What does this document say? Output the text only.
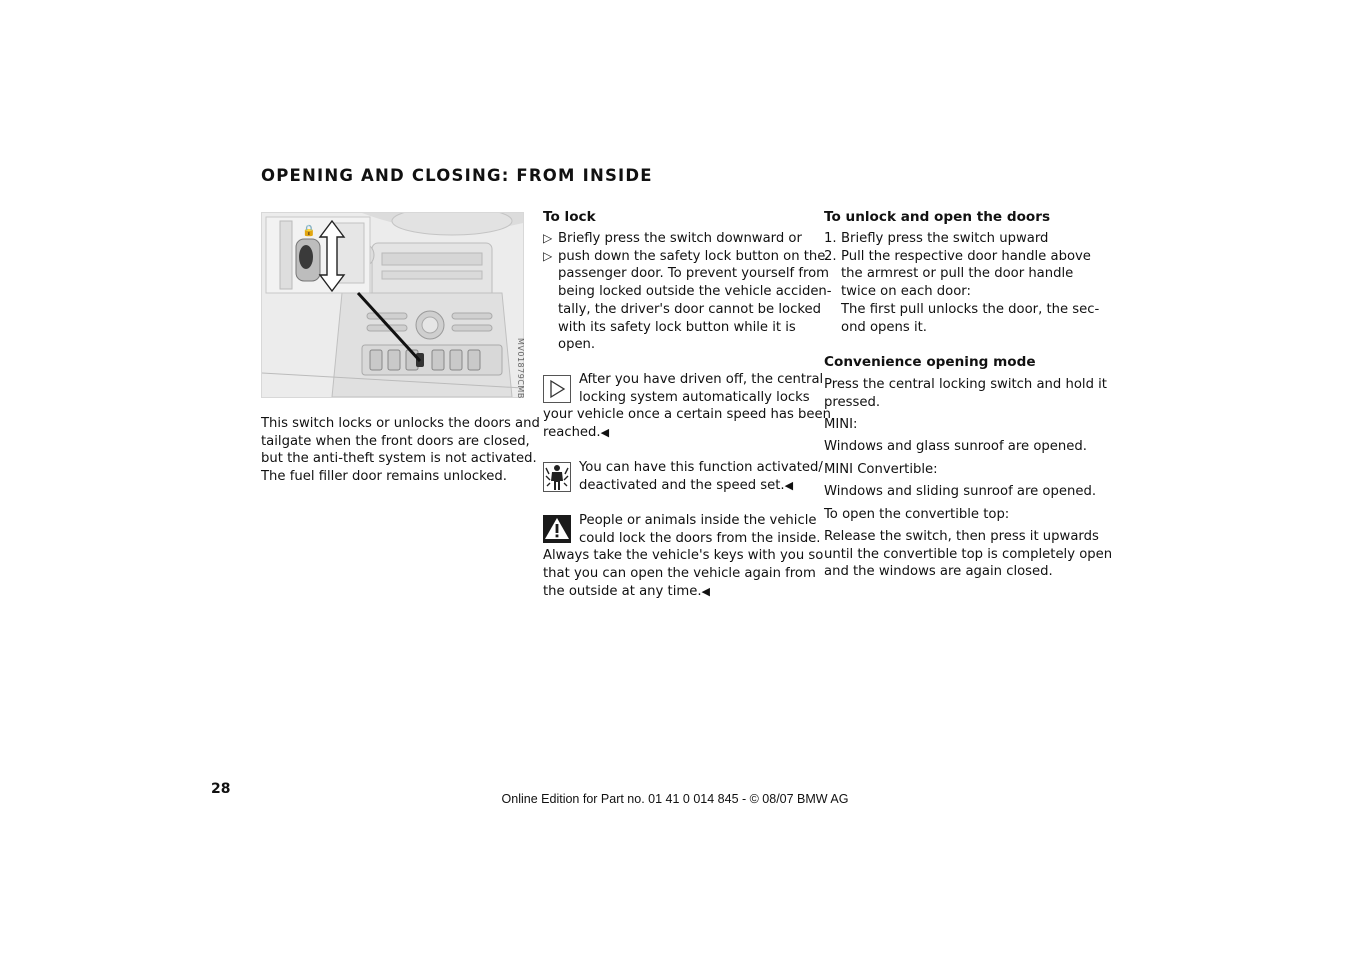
OPENING AND CLOSING: FROM INSIDE
🔒
MV01879CMB
This switch locks or unlocks the doors and
tailgate when the front doors are closed,
but the anti-theft system is not activated.
The fuel filler door remains unlocked.
To lock
▷ Briefly press the switch downward or
▷ push down the safety lock button on the
passenger door. To prevent yourself from
being locked outside the vehicle acciden-
tally, the driver's door cannot be locked
with its safety lock button while it is
open.
After you have driven off, the central
locking system automatically locks
your vehicle once a certain speed has been
reached.◀
You can have this function activated/
deactivated and the speed set.◀
People or animals inside the vehicle
could lock the doors from the inside.
Always take the vehicle's keys with you so
that you can open the vehicle again from
the outside at any time.◀
To unlock and open the doors
1. Briefly press the switch upward
2. Pull the respective door handle above
the armrest or pull the door handle
twice on each door:
The first pull unlocks the door, the sec-
ond opens it.
Convenience opening mode
Press the central locking switch and hold it
pressed.
MINI:
Windows and glass sunroof are opened.
MINI Convertible:
Windows and sliding sunroof are opened.
To open the convertible top:
Release the switch, then press it upwards
until the convertible top is completely open
and the windows are again closed.
28
Online Edition for Part no. 01 41 0 014 845 - © 08/07 BMW AG
